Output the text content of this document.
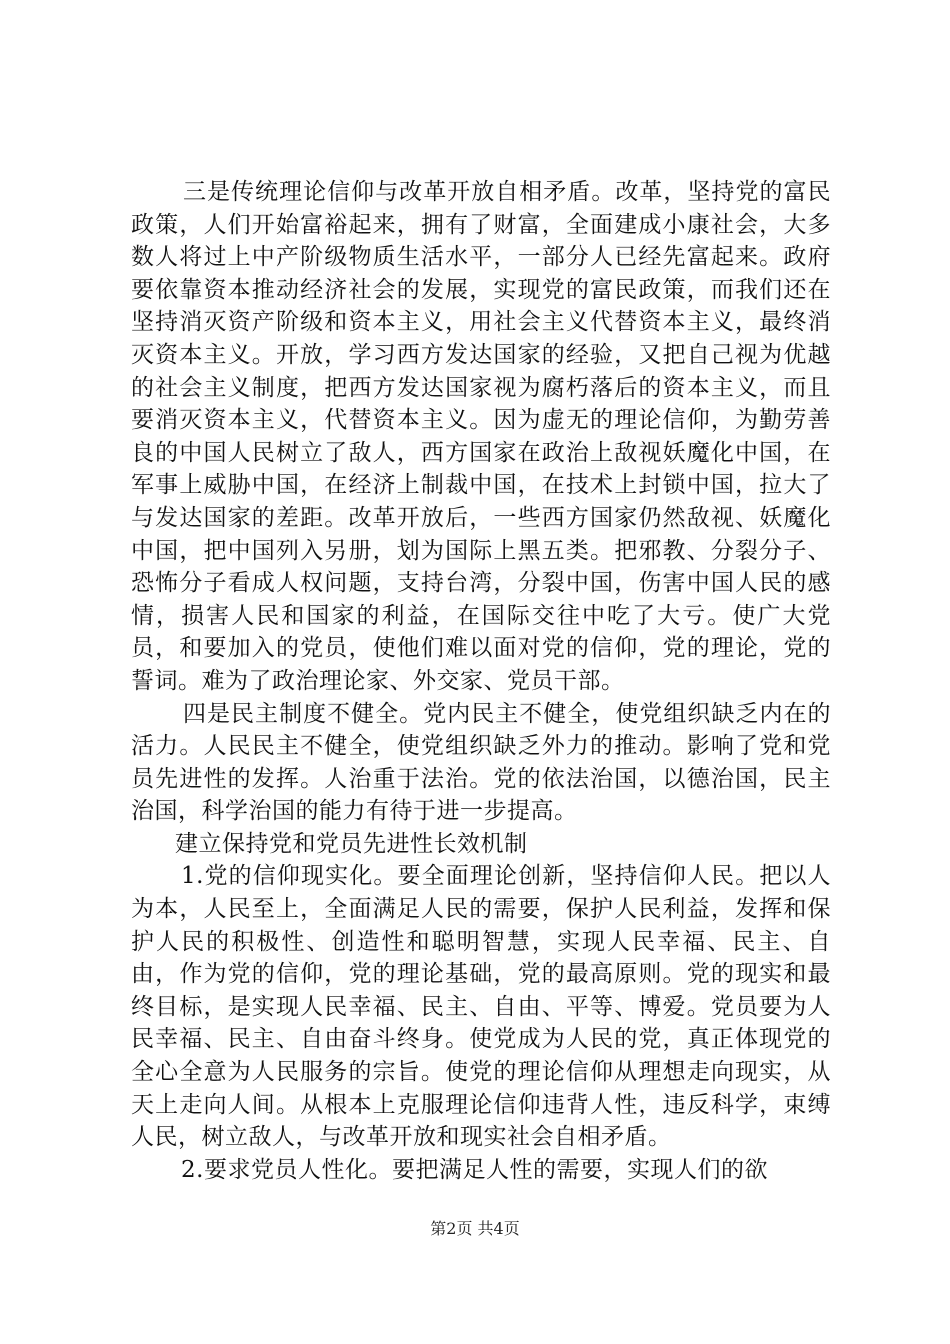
三是传统理论信仰与改革开放自相矛盾。改革，坚持党的富民政策，人们开始富裕起来，拥有了财富，全面建成小康社会，大多数人将过上中产阶级物质生活水平，一部分人已经先富起来。政府要依靠资本推动经济社会的发展，实现党的富民政策，而我们还在坚持消灭资产阶级和资本主义，用社会主义代替资本主义，最终消灭资本主义。开放，学习西方发达国家的经验，又把自己视为优越的社会主义制度，把西方发达国家视为腐朽落后的资本主义，而且要消灭资本主义，代替资本主义。因为虚无的理论信仰，为勤劳善良的中国人民树立了敌人，西方国家在政治上敌视妖魔化中国，在军事上威胁中国，在经济上制裁中国，在技术上封锁中国，拉大了与发达国家的差距。改革开放后，一些西方国家仍然敌视、妖魔化中国，把中国列入另册，划为国际上黑五类。把邪教、分裂分子、恐怖分子看成人权问题，支持台湾，分裂中国，伤害中国人民的感情，损害人民和国家的利益，在国际交往中吃了大亏。使广大党员，和要加入的党员，使他们难以面对党的信仰，党的理论，党的誓词。难为了政治理论家、外交家、党员干部。

四是民主制度不健全。党内民主不健全，使党组织缺乏内在的活力。人民民主不健全，使党组织缺乏外力的推动。影响了党和党员先进性的发挥。人治重于法治。党的依法治国，以德治国，民主治国，科学治国的能力有待于进一步提高。

建立保持党和党员先进性长效机制

1.党的信仰现实化。要全面理论创新，坚持信仰人民。把以人为本，人民至上，全面满足人民的需要，保护人民利益，发挥和保护人民的积极性、创造性和聪明智慧，实现人民幸福、民主、自由，作为党的信仰，党的理论基础，党的最高原则。党的现实和最终目标，是实现人民幸福、民主、自由、平等、博爱。党员要为人民幸福、民主、自由奋斗终身。使党成为人民的党，真正体现党的全心全意为人民服务的宗旨。使党的理论信仰从理想走向现实，从天上走向人间。从根本上克服理论信仰违背人性，违反科学，束缚人民，树立敌人，与改革开放和现实社会自相矛盾。

2.要求党员人性化。要把满足人性的需要，实现人们的欲

第2页 共4页
